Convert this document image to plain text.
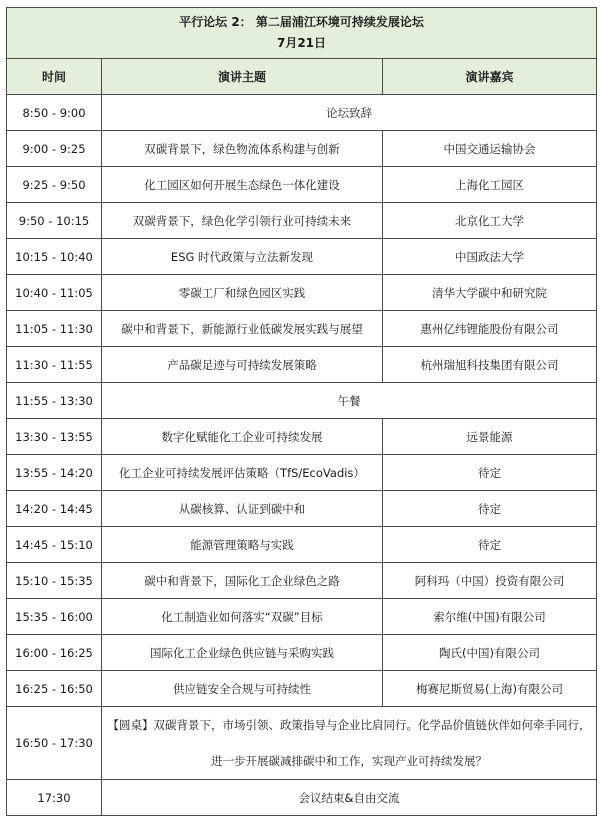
平行论坛 2： 第二届浦江环境可持续发展论坛
7月21日		

时间	演讲主题	演讲嘉宾
8:50 - 9:00	论坛致辞	
9:00 - 9:25	双碳背景下，绿色物流体系构建与创新	中国交通运输协会
9:25 - 9:50	化工园区如何开展生态绿色一体化建设	上海化工园区
9:50 - 10:15	双碳背景下，绿色化学引领行业可持续未来	北京化工大学
10:15 - 10:40	ESG 时代政策与立法新发现	中国政法大学
10:40 - 11:05	零碳工厂和绿色园区实践	清华大学碳中和研究院
11:05 - 11:30	碳中和背景下，新能源行业低碳发展实践与展望	惠州亿纬锂能股份有限公司
11:30 - 11:55	产品碳足迹与可持续发展策略	杭州瑞旭科技集团有限公司
11:55 - 13:30	午餐	
13:30 - 13:55	数字化赋能化工企业可持续发展	远景能源
13:55 - 14:20	化工企业可持续发展评估策略（TfS/EcoVadis）	待定
14:20 - 14:45	从碳核算、认证到碳中和	待定
14:45 - 15:10	能源管理策略与实践	待定
15:10 - 15:35	碳中和背景下，国际化工企业绿色之路	阿科玛（中国）投资有限公司
15:35 - 16:00	化工制造业如何落实“双碳”目标	索尔维(中国)有限公司
16:00 - 16:25	国际化工企业绿色供应链与采购实践	陶氏(中国)有限公司
16:25 - 16:50	供应链安全合规与可持续性	梅赛尼斯贸易(上海)有限公司
16:50 - 17:30	【圆桌】双碳背景下，市场引领、政策指导与企业比肩同行。化学品价值链伙伴如何牵手同行，
进一步开展碳减排碳中和工作，实现产业可持续发展？	

17:30	会议结束&自由交流	
